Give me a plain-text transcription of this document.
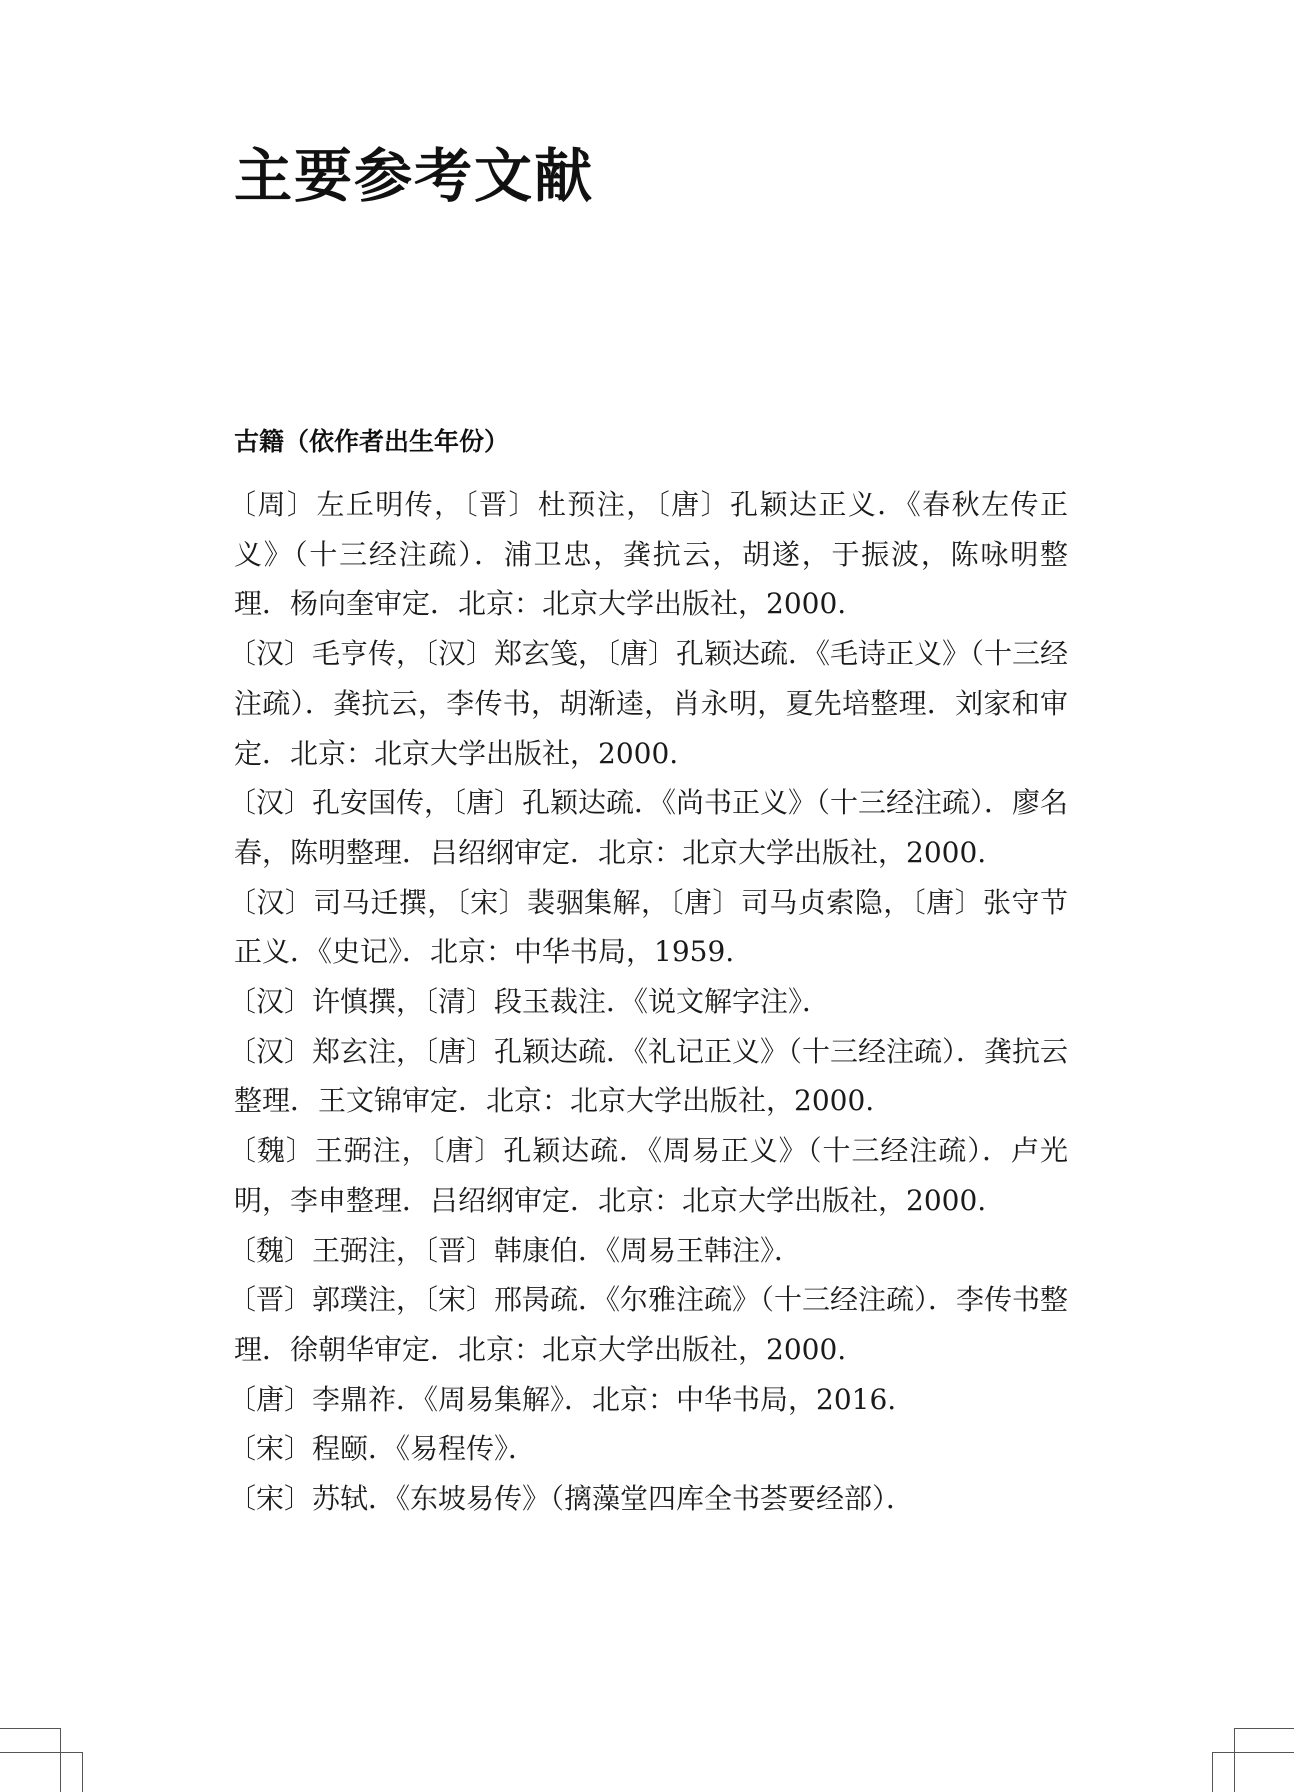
主要参考文献
古籍（依作者出生年份）
〔周〕左丘明传，〔晋〕杜预注，〔唐〕孔颖达正义．《春秋左传正义》（十三经注疏）．浦卫忠，龚抗云，胡遂，于振波，陈咏明整理．杨向奎审定．北京：北京大学出版社，2000.
〔汉〕毛亨传，〔汉〕郑玄笺，〔唐〕孔颖达疏．《毛诗正义》（十三经注疏）．龚抗云，李传书，胡渐逵，肖永明，夏先培整理．刘家和审定．北京：北京大学出版社，2000.
〔汉〕孔安国传，〔唐〕孔颖达疏．《尚书正义》（十三经注疏）．廖名春，陈明整理．吕绍纲审定．北京：北京大学出版社，2000.
〔汉〕司马迁撰，〔宋〕裴骃集解，〔唐〕司马贞索隐，〔唐〕张守节正义．《史记》．北京：中华书局，1959.
〔汉〕许慎撰，〔清〕段玉裁注．《说文解字注》．
〔汉〕郑玄注，〔唐〕孔颖达疏．《礼记正义》（十三经注疏）．龚抗云整理．王文锦审定．北京：北京大学出版社，2000.
〔魏〕王弼注，〔唐〕孔颖达疏．《周易正义》（十三经注疏）．卢光明，李申整理．吕绍纲审定．北京：北京大学出版社，2000.
〔魏〕王弼注，〔晋〕韩康伯．《周易王韩注》．
〔晋〕郭璞注，〔宋〕邢昺疏．《尔雅注疏》（十三经注疏）．李传书整理．徐朝华审定．北京：北京大学出版社，2000.
〔唐〕李鼎祚．《周易集解》．北京：中华书局，2016.
〔宋〕程颐．《易程传》．
〔宋〕苏轼．《东坡易传》（摛藻堂四库全书荟要经部）．
